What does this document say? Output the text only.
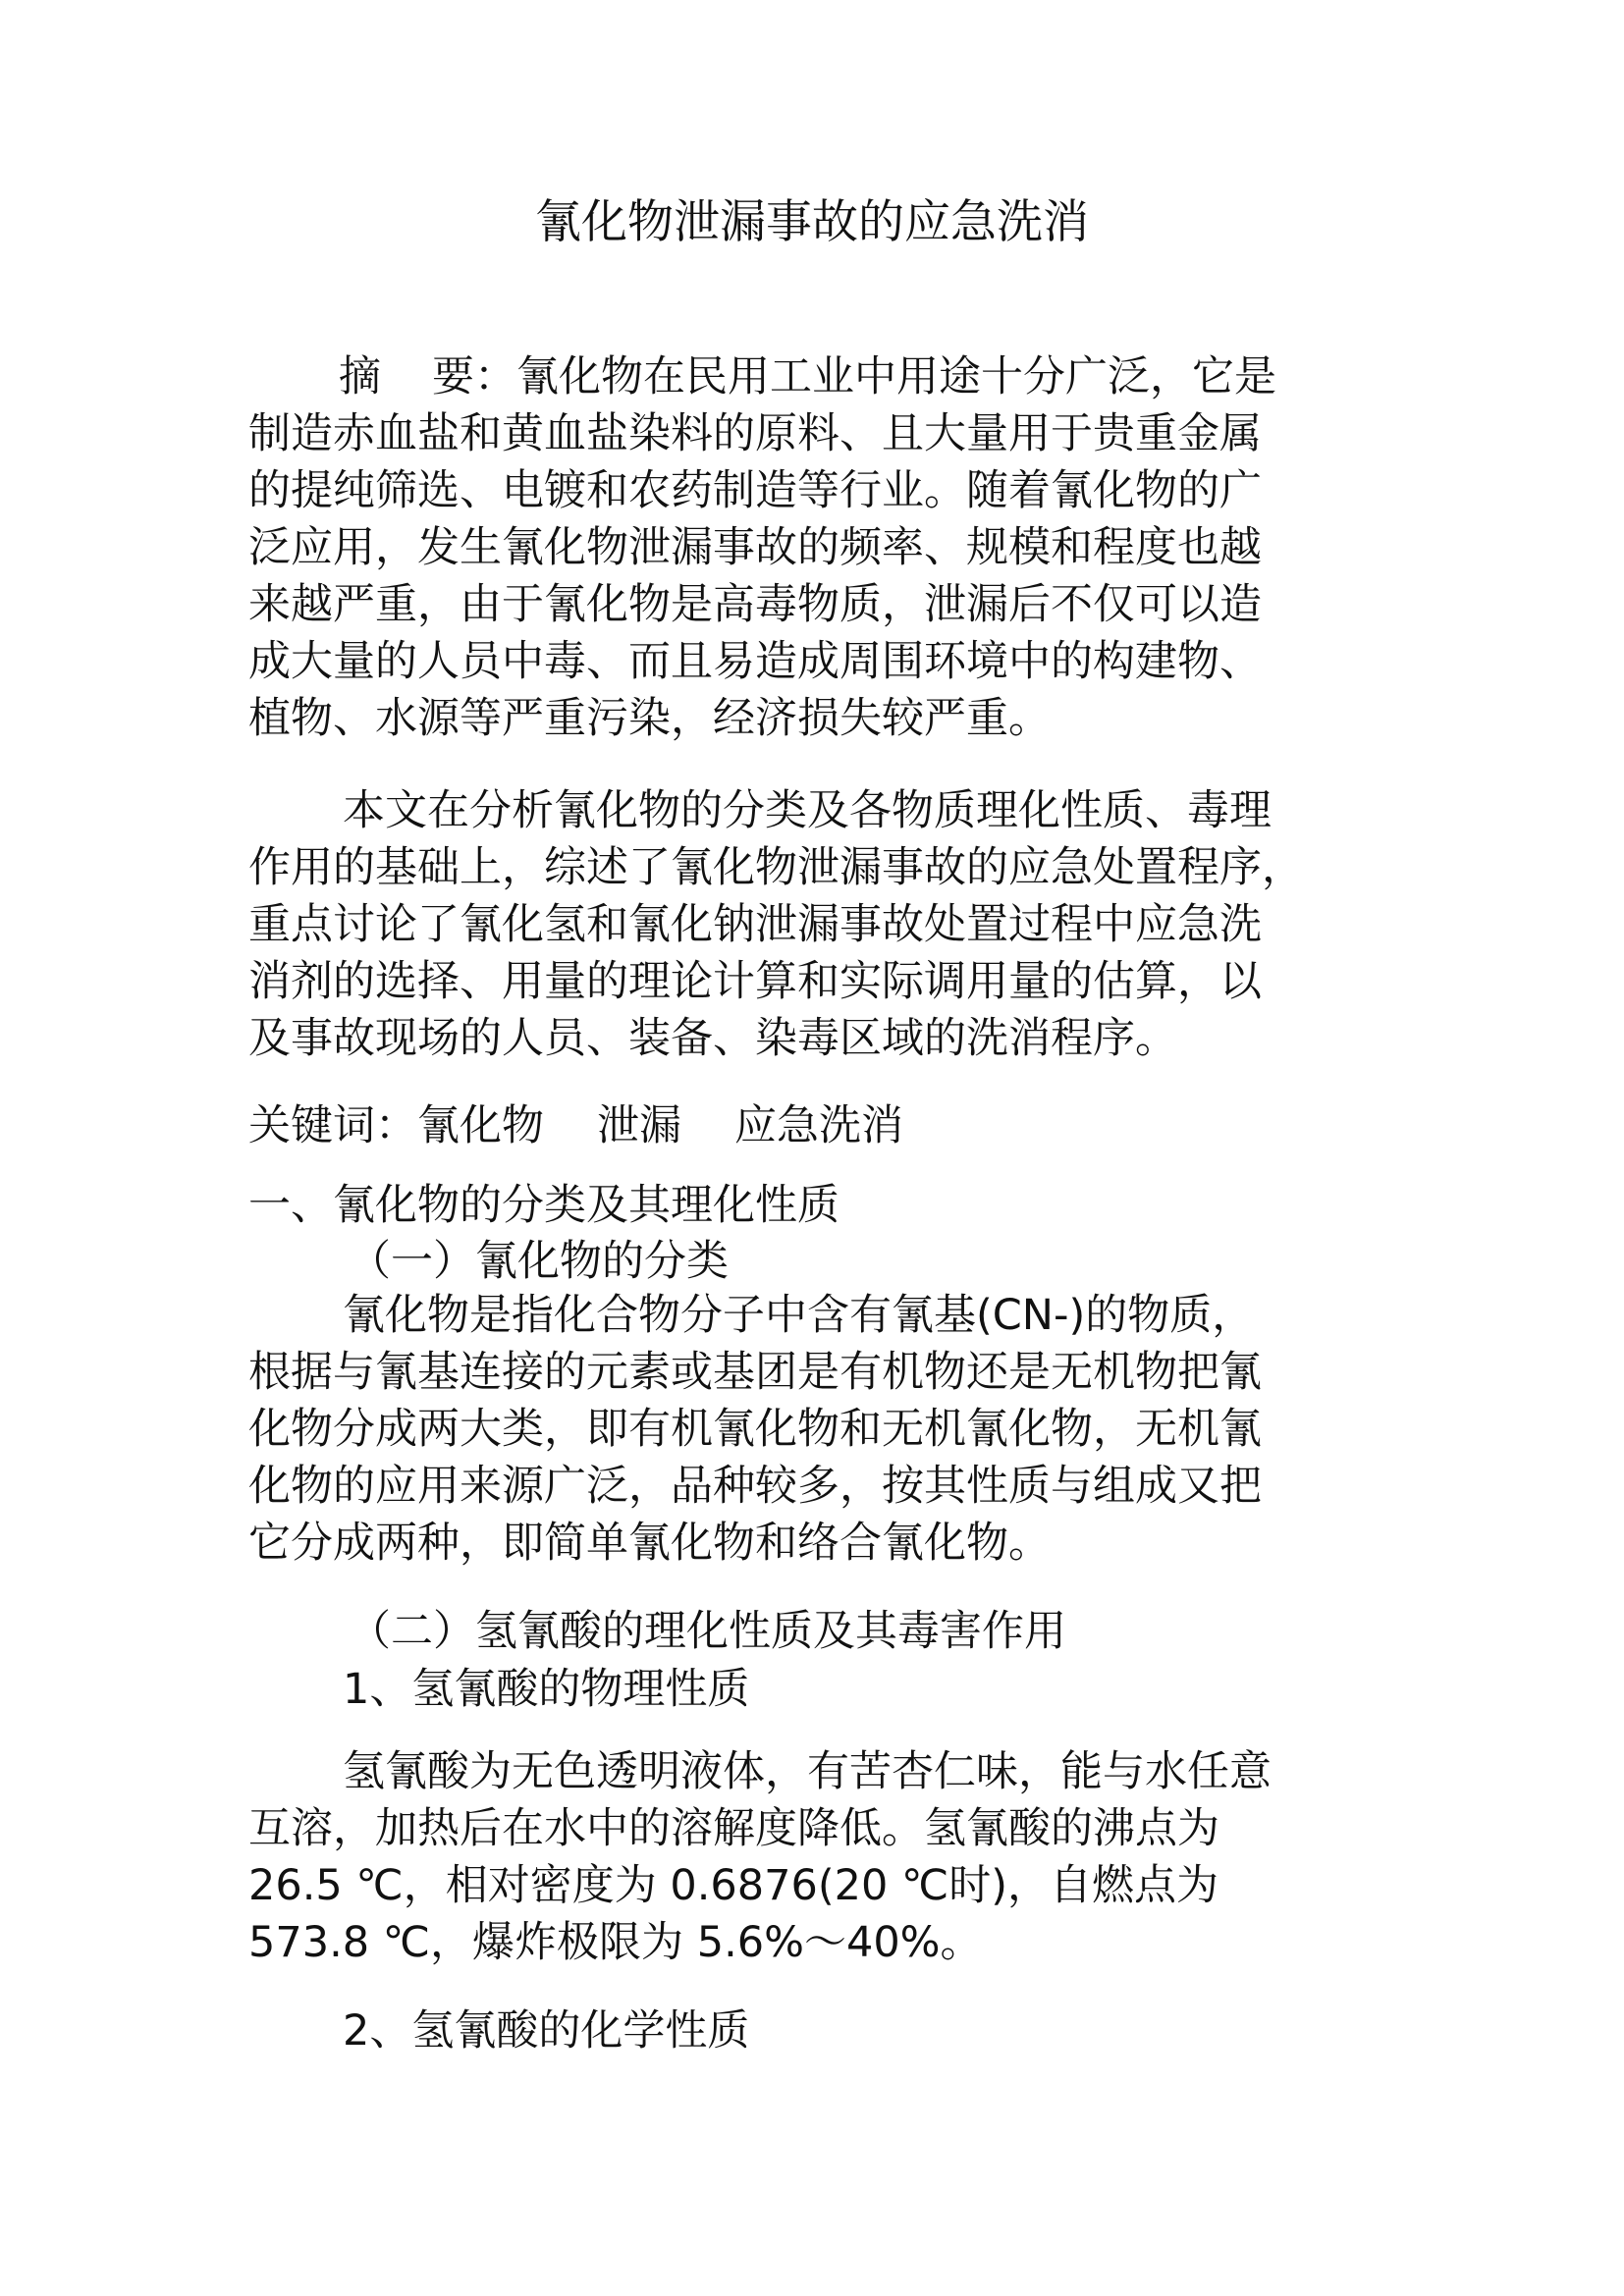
氰化物泄漏事故的应急洗消
摘 要：氰化物在民用工业中用途十分广泛，它是
制造赤血盐和黄血盐染料的原料、且大量用于贵重金属
的提纯筛选、电镀和农药制造等行业。随着氰化物的广
泛应用，发生氰化物泄漏事故的频率、规模和程度也越
来越严重，由于氰化物是高毒物质，泄漏后不仅可以造
成大量的人员中毒、而且易造成周围环境中的构建物、
植物、水源等严重污染，经济损失较严重。
本文在分析氰化物的分类及各物质理化性质、毒理
作用的基础上，综述了氰化物泄漏事故的应急处置程序，
重点讨论了氰化氢和氰化钠泄漏事故处置过程中应急洗
消剂的选择、用量的理论计算和实际调用量的估算，以
及事故现场的人员、装备、染毒区域的洗消程序。
关键词：氰化物 泄漏 应急洗消
一、氰化物的分类及其理化性质
（一）氰化物的分类
氰化物是指化合物分子中含有氰基(CN-)的物质，
根据与氰基连接的元素或基团是有机物还是无机物把氰
化物分成两大类，即有机氰化物和无机氰化物，无机氰
化物的应用来源广泛，品种较多，按其性质与组成又把
它分成两种，即简单氰化物和络合氰化物。
（二）氢氰酸的理化性质及其毒害作用
1、氢氰酸的物理性质
氢氰酸为无色透明液体，有苦杏仁味，能与水任意
互溶，加热后在水中的溶解度降低。氢氰酸的沸点为
26.5 ℃，相对密度为 0.6876(20 ℃时)，自燃点为
573.8 ℃，爆炸极限为 5.6%～40%。
2、氢氰酸的化学性质
